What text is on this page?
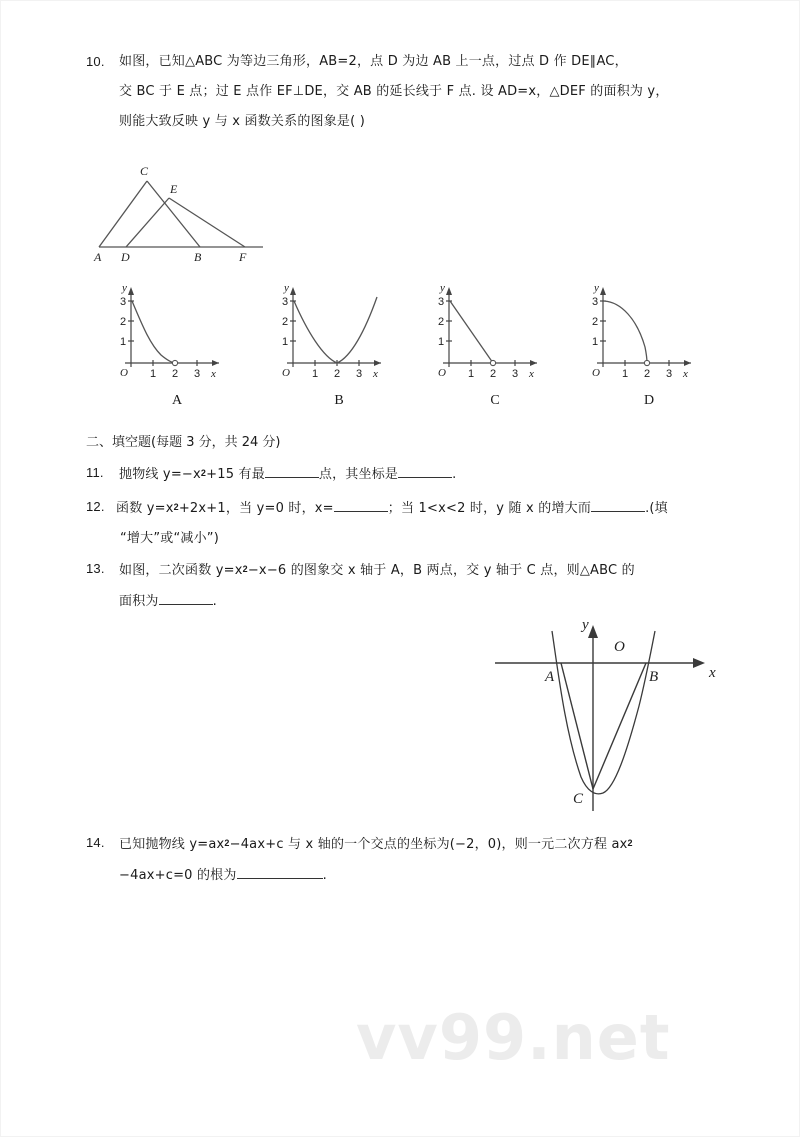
10. 如图，已知△ABC 为等边三角形，AB=2，点 D 为边 AB 上一点，过点 D 作 DE∥AC，
交 BC 于 E 点；过 E 点作 EF⊥DE，交 AB 的延长线于 F 点. 设 AD=x，△DEF 的面积为 y，
则能大致反映 y 与 x 函数关系的图象是( )
C
E
A D	B	F
O 1 2 3 x
3
2
1
y
A
O 1 2 3 x
3
2
1
y
B
O 1 2 3 x
3
2
1
y
C
O 1 2 3 x
3
2
1
y
D
二、填空题(每题 3 分，共 24 分)
11. 抛物线 $y=-x^2+15$ 有最	点，其坐标是	.
12. 函数 $y=x^2+2x+1$，当 y=0 时，x=	；当 1<x<2 时，y 随 x 的增大而	.(填
“增大”或“减小”)
13. 如图，二次函数 $y=x^2-x-6$ 的图象交 x 轴于 A，B 两点，交 y 轴于 C 点，则△ABC 的
面积为	.
y
x
O
A	B
C
14. 已知抛物线 $y=ax^2-4ax+c$ 与 x 轴的一个交点的坐标为(−2，0)，则一元二次方程 $ax^2$
−4ax+c=0 的根为	.
vv99.net
